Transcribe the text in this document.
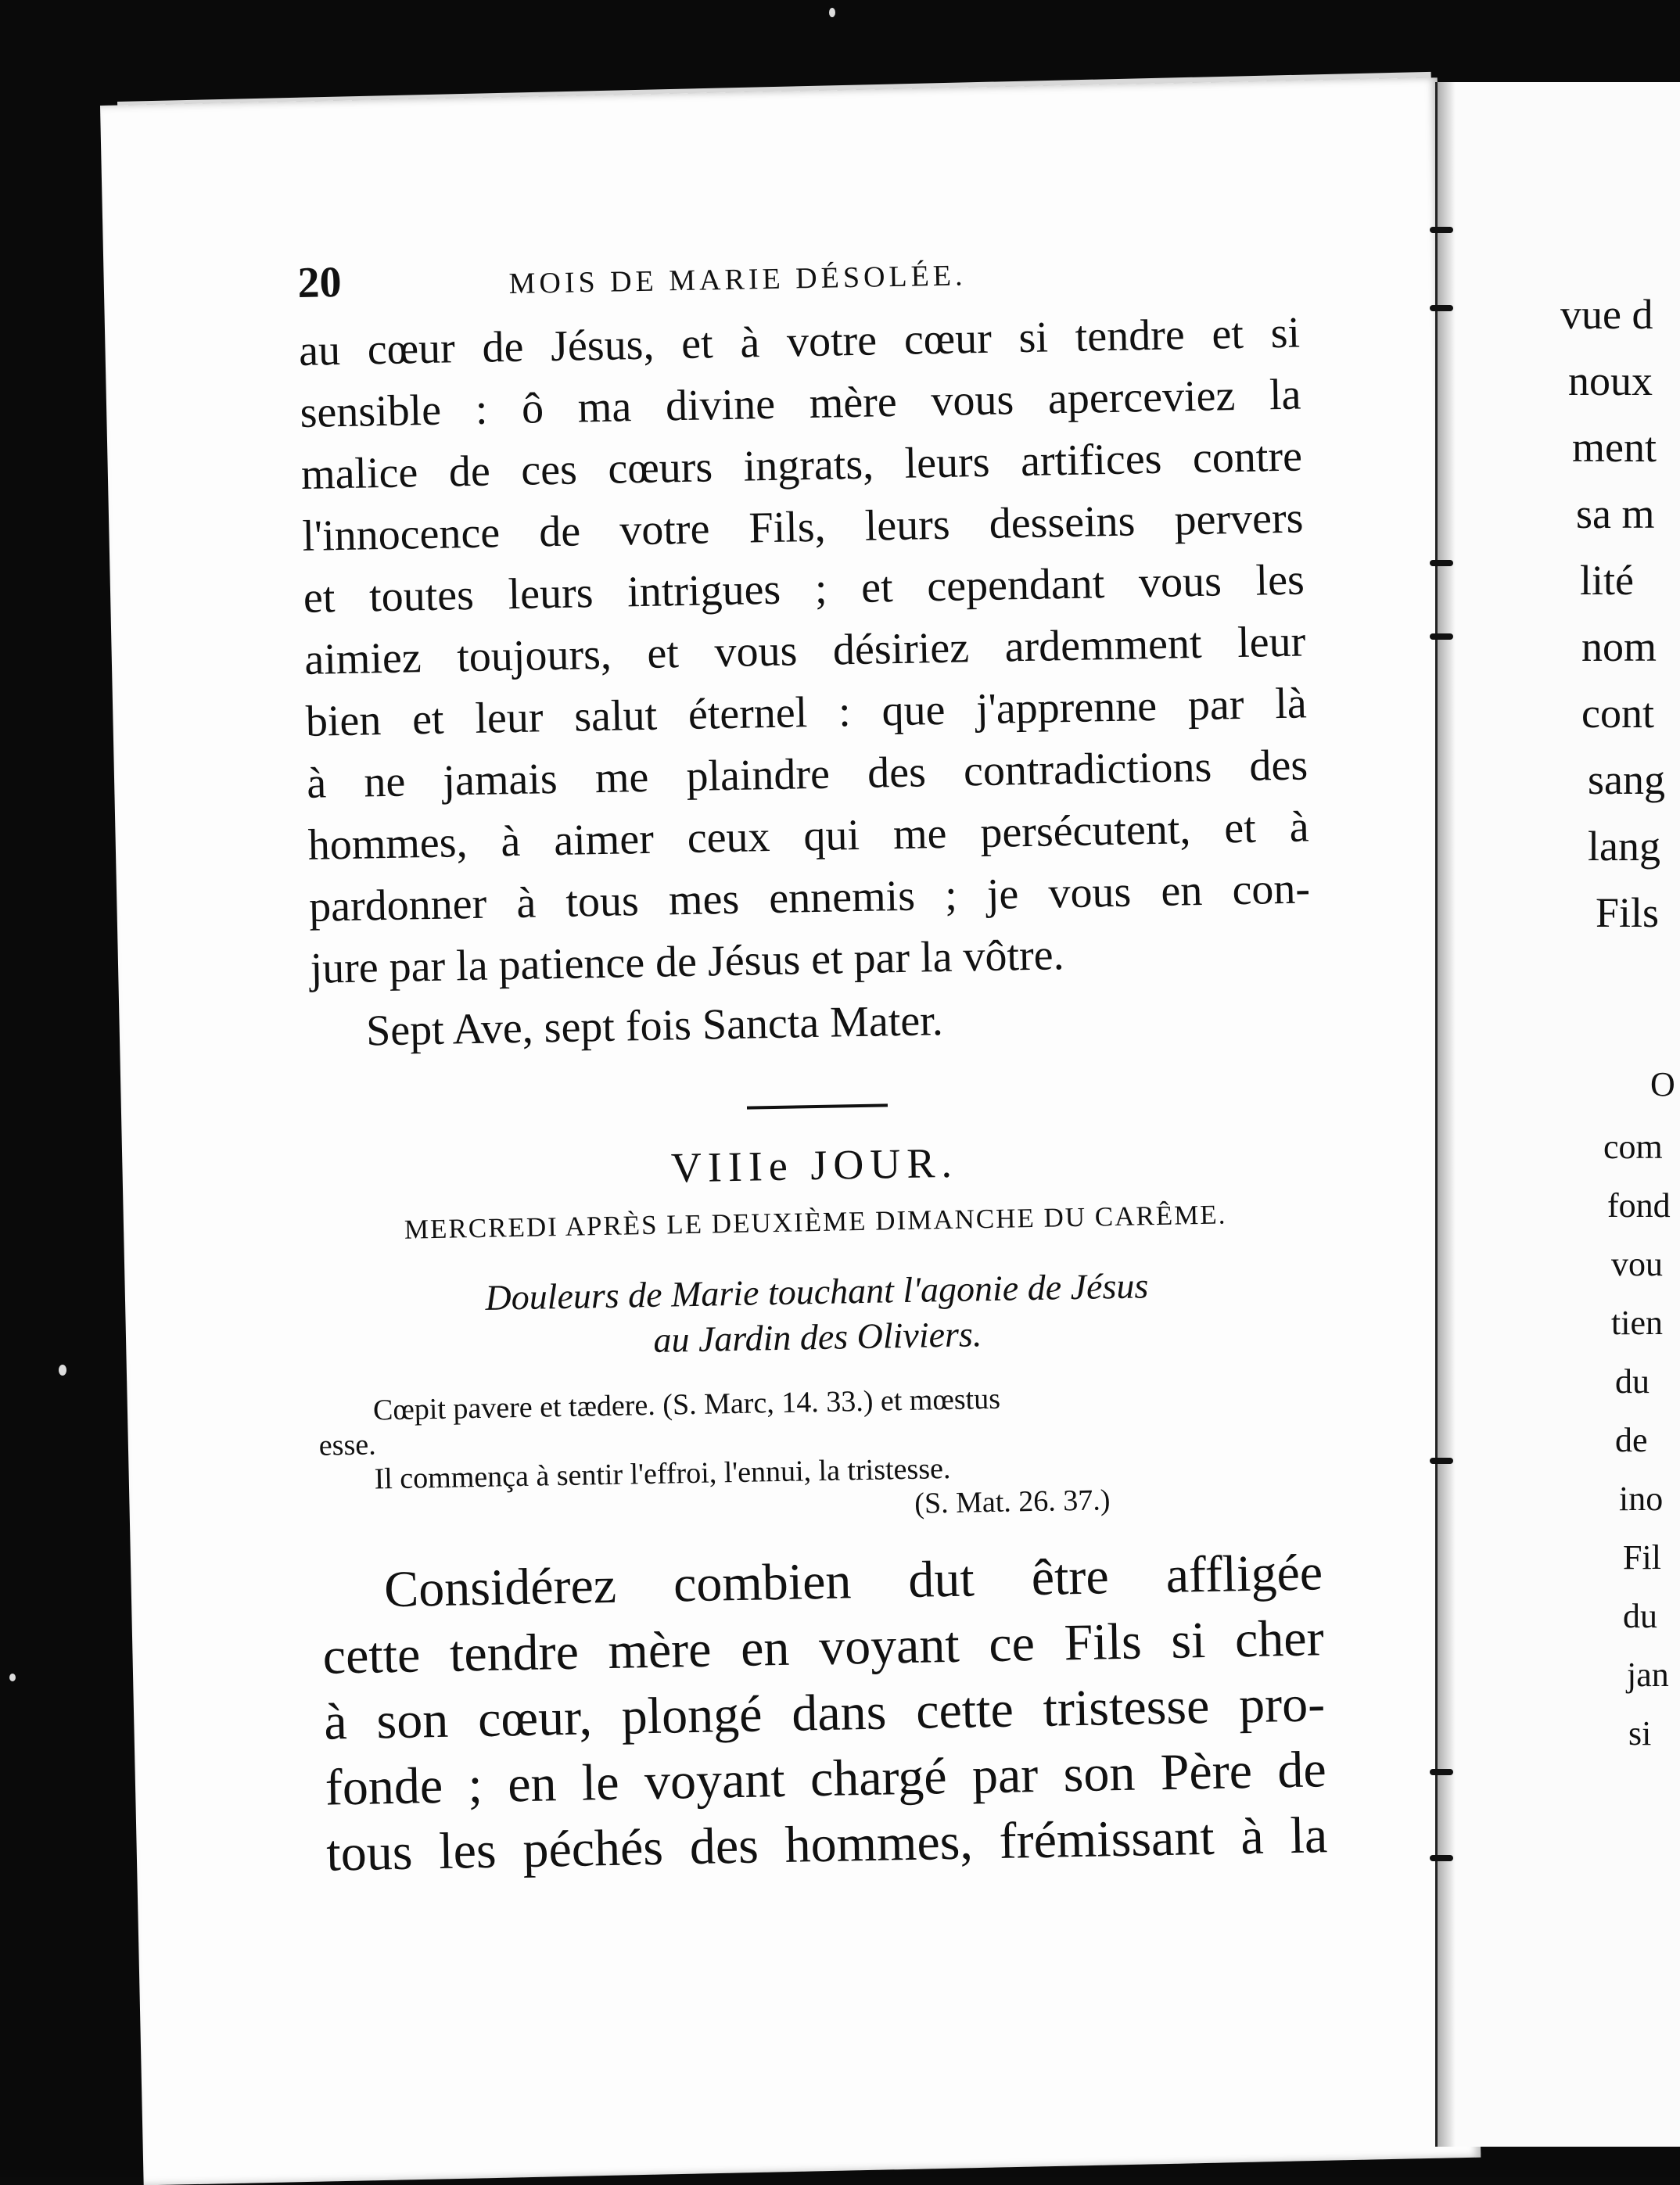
20	MOIS DE MARIE DÉSOLÉE.
au cœur de Jésus, et à votre cœur si tendre et si
sensible : ô ma divine mère vous aperceviez la
malice de ces cœurs ingrats, leurs artifices contre
l'innocence de votre Fils, leurs desseins pervers
et toutes leurs intrigues ; et cependant vous les
aimiez toujours, et vous désiriez ardemment leur
bien et leur salut éternel : que j'apprenne par là
à ne jamais me plaindre des contradictions des
hommes, à aimer ceux qui me persécutent, et à
pardonner à tous mes ennemis ; je vous en con-
jure par la patience de Jésus et par la vôtre.
Sept Ave, sept fois Sancta Mater.
VIIIe JOUR.
MERCREDI APRÈS LE DEUXIÈME DIMANCHE DU CARÊME.
Douleurs de Marie touchant l'agonie de Jésus
au Jardin des Oliviers.
Cœpit pavere et tædere. (S. Marc, 14. 33.) et mœstus
esse.
Il commença à sentir l'effroi, l'ennui, la tristesse.
(S. Mat. 26. 37.)
Considérez combien dut être affligée
cette tendre mère en voyant ce Fils si cher
à son cœur, plongé dans cette tristesse pro-
fonde ; en le voyant chargé par son Père de
tous les péchés des hommes, frémissant à la
vue d
noux
ment
sa m
lité
nom
cont
sang
lang
Fils
O
com
fond
vou
tien
du
de
ino
Fil
du
jan
si
